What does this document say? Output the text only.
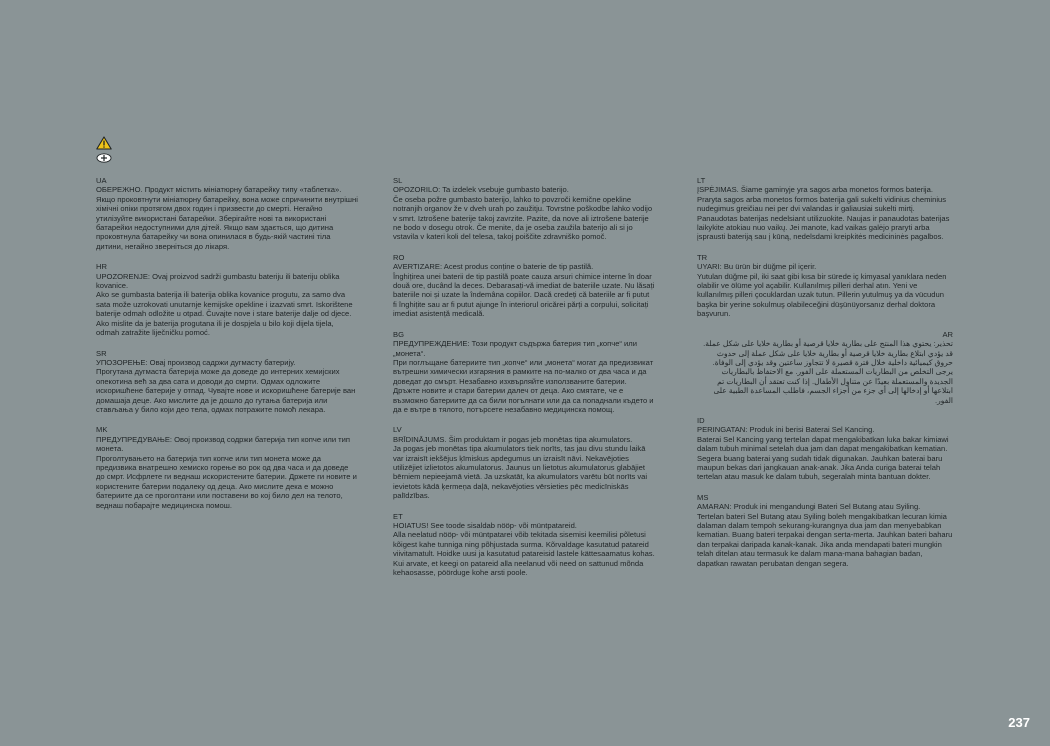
UA
ОБЕРЕЖНО. Продукт містить мініатюрну батарейку типу «таблетка».
Якщо проковтнути мініатюрну батарейку, вона може спричинити внутрішні хімічні опіки протягом двох годин і призвести до смерті. Негайно утилізуйте використані батарейки. Зберігайте нові та використані батарейки недоступними для дітей. Якщо вам здається, що дитина проковтнула батарейку чи вона опинилася в будь-якій частині тіла дитини, негайно зверніться до лікаря.
HR
UPOZORENJE: Ovaj proizvod sadrži gumbastu bateriju ili bateriju oblika kovanice.
Ako se gumbasta baterija ili baterija oblika kovanice progutu, za samo dva sata može uzrokovati unutarnje kemijske opekline i izazvati smrt. Iskorištene baterije odmah odložite u otpad. Čuvajte nove i stare baterije dalje od djece. Ako mislite da je baterija progutana ili je dospjela u bilo koji dijela tijela, odmah zatražite liječničku pomoć.
SR
УПОЗОРЕЊЕ: Овај производ садржи дугмасту батерију.
Прогутана дугмаста батерија може да доведе до интерних хемијских опекотина већ за два сата и доводи до смрти. Одмах одложите искоришћене батерије у отпад. Чувајте нове и искоришћене батерије ван домашаја деце. Ако мислите да је дошло до гутања батерија или стављања у било који део тела, одмах потражите помоћ лекара.
MK
ПРЕДУПРЕДУВАЊЕ: Овој производ содржи батерија тип копче или тип монета.
Проголтувањето на батерија тип копче или тип монета може да предизвика внатрешно хемиско горење во рок од два часа и да доведе до смрт. Исфрлете ги веднаш искористените батерии. Држете ги новите и користените батерии подалеку од деца. Ако мислите дека е можно батериите да се проголтани или поставени во кој било дел на телото, веднаш побарајте медицинска помош.
SL
OPOZORILO: Ta izdelek vsebuje gumbasto baterijo.
Če oseba požre gumbasto baterijo, lahko to povzroči kemične opekline notranjih organov že v dveh urah po zaužitju. Tovrstne poškodbe lahko vodijo v smrt. Iztrošene baterije takoj zavrzite. Pazite, da nove ali iztrošene baterije ne bodo v dosegu otrok. Če menite, da je oseba zaužila baterijo ali si jo vstavila v kateri koli del telesa, takoj poiščite zdravniško pomoč.
RO
AVERTIZARE: Acest produs conține o baterie de tip pastilă.
Înghițirea unei baterii de tip pastilă poate cauza arsuri chimice interne în doar două ore, ducând la deces. Debarasați-vă imediat de bateriile uzate. Nu lăsați bateriile noi și uzate la îndemâna copiilor. Dacă credeți că bateriile ar fi putut fi înghițite sau ar fi putut ajunge în interiorul oricărei părți a corpului, solicitați imediat asistență medicală.
BG
ПРЕДУПРЕЖДЕНИЕ: Този продукт съдържа батерия тип „копче“ или „монета“.
При поглъщане батериите тип „копче“ или „монета“ могат да предизвикат вътрешни химически изгаряния в рамките на по-малко от два часа и да доведат до смърт. Незабавно изхвърляйте използваните батерии. Дръжте новите и стари батерии далеч от деца. Ако смятате, че е възможно батериите да са били погълнати или да са попаднали където и да е вътре в тялото, потърсете незабавно медицинска помощ.
LV
BRĪDINĀJUMS. Šim produktam ir pogas jeb monētas tipa akumulators.
Ja pogas jeb monētas tipa akumulators tiek norīts, tas jau divu stundu laikā var izraisīt iekšējus ķīmiskus apdegumus un izraisīt nāvi. Nekavējoties utilizējiet izlietotos akumulatorus. Jaunus un lietotus akumulatorus glabājiet bērniem nepieejamā vietā. Ja uzskatāt, ka akumulators varētu būt norīts vai ievietots kādā ķermeņa daļā, nekavējoties vērsieties pēc medicīniskās palīdzības.
ET
HOIATUS! See toode sisaldab nööp- või müntpatareid.
Alla neelatud nööp- või müntpatarei võib tekitada sisemisi keemilisi põletusi kõigest kahe tunniga ning põhjustada surma. Kõrvaldage kasutatud patareid viivitamatult. Hoidke uusi ja kasutatud patareisid lastele kättesaamatus kohas. Kui arvate, et keegi on patareid alla neelanud või need on sattunud mõnda kehaosasse, pöörduge kohe arsti poole.
LT
ĮSPĖJIMAS. Šiame gaminyje yra sagos arba monetos formos baterija.
Praryta sagos arba monetos formos baterija gali sukelti vidinius cheminius nudegimus greičiau nei per dvi valandas ir galiausiai sukelti mirtį. Panaudotas baterijas nedelsiant utilizuokite. Naujas ir panaudotas baterijas laikykite atokiau nuo vaikų. Jei manote, kad vaikas galėjo praryti arba įsprausti bateriją sau į kūną, nedelsdami kreipkitės medicininės pagalbos.
TR
UYARI: Bu ürün bir düğme pil içerir.
Yutulan düğme pil, iki saat gibi kısa bir sürede iç kimyasal yanıklara neden olabilir ve ölüme yol açabilir. Kullanılmış pilleri derhal atın. Yeni ve kullanılmış pilleri çocuklardan uzak tutun. Pillerin yutulmuş ya da vücudun başka bir yerine sokulmuş olabileceğini düşünüyorsanız derhal doktora başvurun.
AR
تحذير: يحتوي هذا المنتج على بطارية خلايا قرصية أو بطارية خلايا على شكل عملة.
قد يؤدي ابتلاع بطارية خلايا قرصية أو بطارية خلايا على شكل عملة إلى حدوث حروق كيميائية داخلية خلال فترة قصيرة لا تتجاوز ساعتين وقد يؤدي إلى الوفاة. يرجى التخلص من البطاريات المستعملة على الفور. مع الاحتفاظ بالبطاريات الجديدة والمستعملة بعيدًا عن متناول الأطفال. إذا كنت تعتقد أن البطاريات تم ابتلاعها أو إدخالها إلى أي جزء من أجزاء الجسم، فاطلب المساعدة الطبية على الفور.
ID
PERINGATAN: Produk ini berisi Baterai Sel Kancing.
Baterai Sel Kancing yang tertelan dapat mengakibatkan luka bakar kimiawi dalam tubuh minimal setelah dua jam dan dapat mengakibatkan kematian. Segera buang baterai yang sudah tidak digunakan. Jauhkan baterai baru maupun bekas dari jangkauan anak-anak. Jika Anda curiga baterai telah tertelan atau masuk ke dalam tubuh, segeralah minta bantuan dokter.
MS
AMARAN: Produk ini mengandungi Bateri Sel Butang atau Syiling.
Tertelan bateri Sel Butang atau Syiling boleh mengakibatkan lecuran kimia dalaman dalam tempoh sekurang-kurangnya dua jam dan menyebabkan kematian. Buang bateri terpakai dengan serta-merta. Jauhkan bateri baharu dan terpakai daripada kanak-kanak. Jika anda mendapati bateri mungkin telah ditelan atau termasuk ke dalam mana-mana bahagian badan, dapatkan rawatan perubatan dengan segera.
237
